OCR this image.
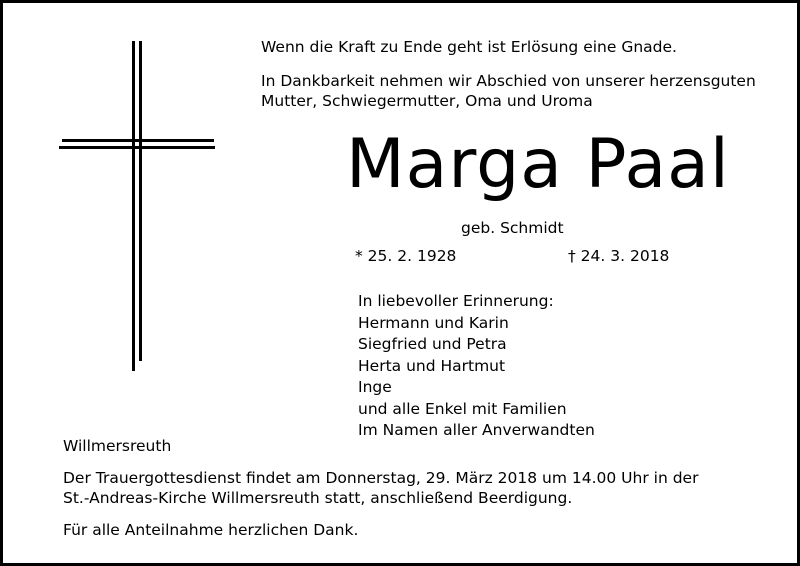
Wenn die Kraft zu Ende geht ist Erlösung eine Gnade.
In Dankbarkeit nehmen wir Abschied von unserer herzensguten
Mutter, Schwiegermutter, Oma und Uroma
Marga Paal
geb. Schmidt
* 25. 2. 1928	† 24. 3. 2018
In liebevoller Erinnerung:
Hermann und Karin
Siegfried und Petra
Herta und Hartmut
Inge
und alle Enkel mit Familien
Im Namen aller Anverwandten
Willmersreuth
Der Trauergottesdienst findet am Donnerstag, 29. März 2018 um 14.00 Uhr in der
St.-Andreas-Kirche Willmersreuth statt, anschließend Beerdigung.
Für alle Anteilnahme herzlichen Dank.
